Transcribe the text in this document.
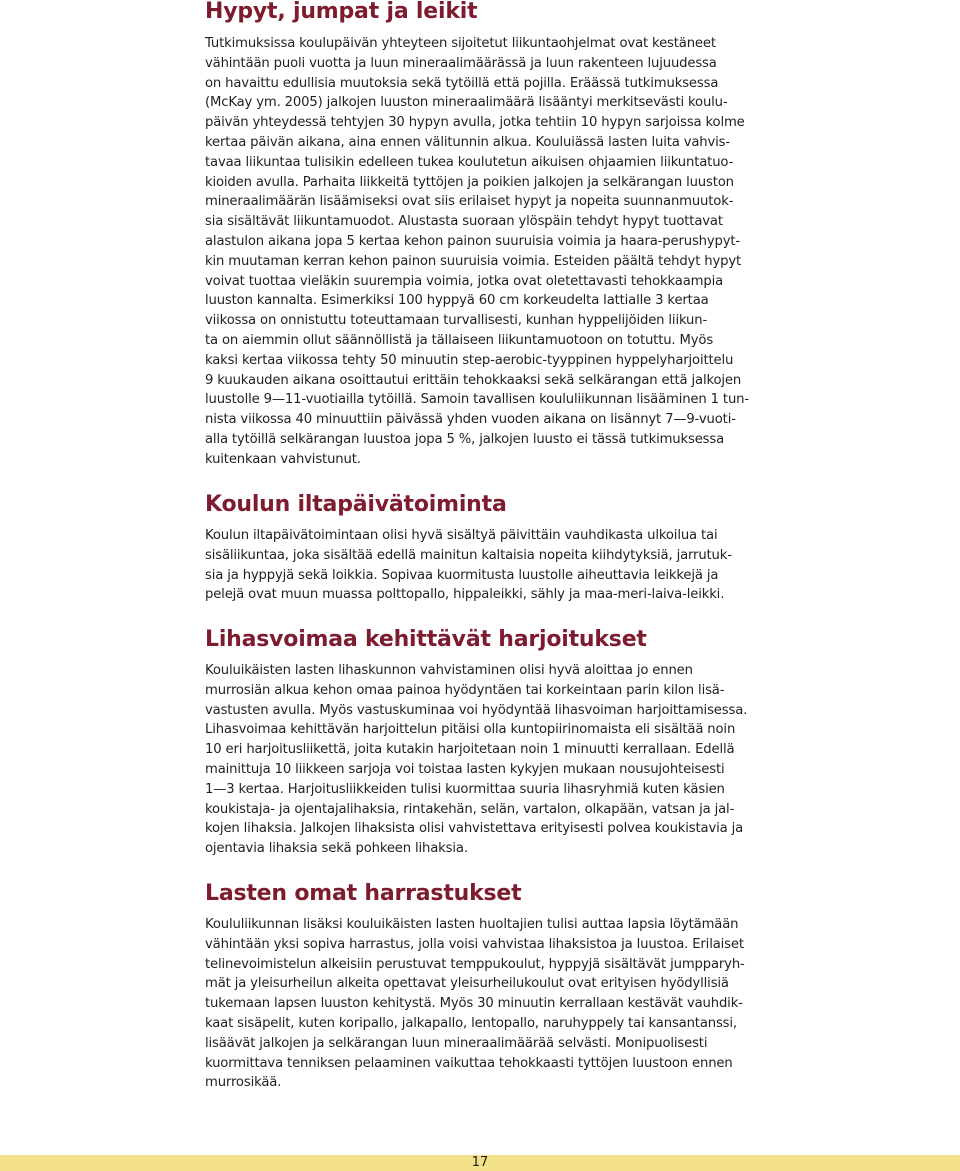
Hypyt, jumpat ja leikit
Tutkimuksissa koulupäivän yhteyteen sijoitetut liikuntaohjelmat ovat kestäneet
vähintään puoli vuotta ja luun mineraalimäärässä ja luun rakenteen lujuudessa
on havaittu edullisia muutoksia sekä tytöillä että pojilla. Eräässä tutkimuksessa
(McKay ym. 2005) jalkojen luuston mineraalimäärä lisääntyi merkitsevästi koulu-
päivän yhteydessä tehtyjen 30 hypyn avulla, jotka tehtiin 10 hypyn sarjoissa kolme
kertaa päivän aikana, aina ennen välitunnin alkua. Kouluiässä lasten luita vahvis-
tavaa liikuntaa tulisikin edelleen tukea koulutetun aikuisen ohjaamien liikuntatuo-
kioiden avulla. Parhaita liikkeitä tyttöjen ja poikien jalkojen ja selkärangan luuston
mineraalimäärän lisäämiseksi ovat siis erilaiset hypyt ja nopeita suunnanmuutok-
sia sisältävät liikuntamuodot. Alustasta suoraan ylöspäin tehdyt hypyt tuottavat
alastulon aikana jopa 5 kertaa kehon painon suuruisia voimia ja haara-perushypyt-
kin muutaman kerran kehon painon suuruisia voimia. Esteiden päältä tehdyt hypyt
voivat tuottaa vieläkin suurempia voimia, jotka ovat oletettavasti tehokkaampia
luuston kannalta. Esimerkiksi 100 hyppyä 60 cm korkeudelta lattialle 3 kertaa
viikossa on onnistuttu toteuttamaan turvallisesti, kunhan hyppelijöiden liikun-
ta on aiemmin ollut säännöllistä ja tällaiseen liikuntamuotoon on totuttu. Myös
kaksi kertaa viikossa tehty 50 minuutin step-aerobic-tyyppinen hyppelyharjoittelu
9 kuukauden aikana osoittautui erittäin tehokkaaksi sekä selkärangan että jalkojen
luustolle 9—11-vuotiailla tytöillä. Samoin tavallisen koululiikunnan lisääminen 1 tun-
nista viikossa 40 minuuttiin päivässä yhden vuoden aikana on lisännyt 7—9-vuoti-
alla tytöillä selkärangan luustoa jopa 5 %, jalkojen luusto ei tässä tutkimuksessa
kuitenkaan vahvistunut.
Koulun iltapäivätoiminta
Koulun iltapäivätoimintaan olisi hyvä sisältyä päivittäin vauhdikasta ulkoilua tai
sisäliikuntaa, joka sisältää edellä mainitun kaltaisia nopeita kiihdytyksiä, jarrutuk-
sia ja hyppyjä sekä loikkia. Sopivaa kuormitusta luustolle aiheuttavia leikkejä ja
pelejä ovat muun muassa polttopallo, hippaleikki, sähly ja maa-meri-laiva-leikki.
Lihasvoimaa kehittävät harjoitukset
Kouluikäisten lasten lihaskunnon vahvistaminen olisi hyvä aloittaa jo ennen
murrosiän alkua kehon omaa painoa hyödyntäen tai korkeintaan parin kilon lisä-
vastusten avulla. Myös vastuskuminaa voi hyödyntää lihasvoiman harjoittamisessa.
Lihasvoimaa kehittävän harjoittelun pitäisi olla kuntopiirinomaista eli sisältää noin
10 eri harjoitusliikettä, joita kutakin harjoitetaan noin 1 minuutti kerrallaan. Edellä
mainittuja 10 liikkeen sarjoja voi toistaa lasten kykyjen mukaan nousujohteisesti
1—3 kertaa. Harjoitusliikkeiden tulisi kuormittaa suuria lihasryhmiä kuten käsien
koukistaja- ja ojentajalihaksia, rintakehän, selän, vartalon, olkapään, vatsan ja jal-
kojen lihaksia. Jalkojen lihaksista olisi vahvistettava erityisesti polvea koukistavia ja
ojentavia lihaksia sekä pohkeen lihaksia.
Lasten omat harrastukset
Koululiikunnan lisäksi kouluikäisten lasten huoltajien tulisi auttaa lapsia löytämään
vähintään yksi sopiva harrastus, jolla voisi vahvistaa lihaksistoa ja luustoa. Erilaiset
telinevoimistelun alkeisiin perustuvat temppukoulut, hyppyjä sisältävät jumpparyh-
mät ja yleisurheilun alkeita opettavat yleisurheilukoulut ovat erityisen hyödyllisiä
tukemaan lapsen luuston kehitystä. Myös 30 minuutin kerrallaan kestävät vauhdik-
kaat sisäpelit, kuten koripallo, jalkapallo, lentopallo, naruhyppely tai kansantanssi,
lisäävät jalkojen ja selkärangan luun mineraalimäärää selvästi. Monipuolisesti
kuormittava tenniksen pelaaminen vaikuttaa tehokkaasti tyttöjen luustoon ennen
murrosikää.
17
